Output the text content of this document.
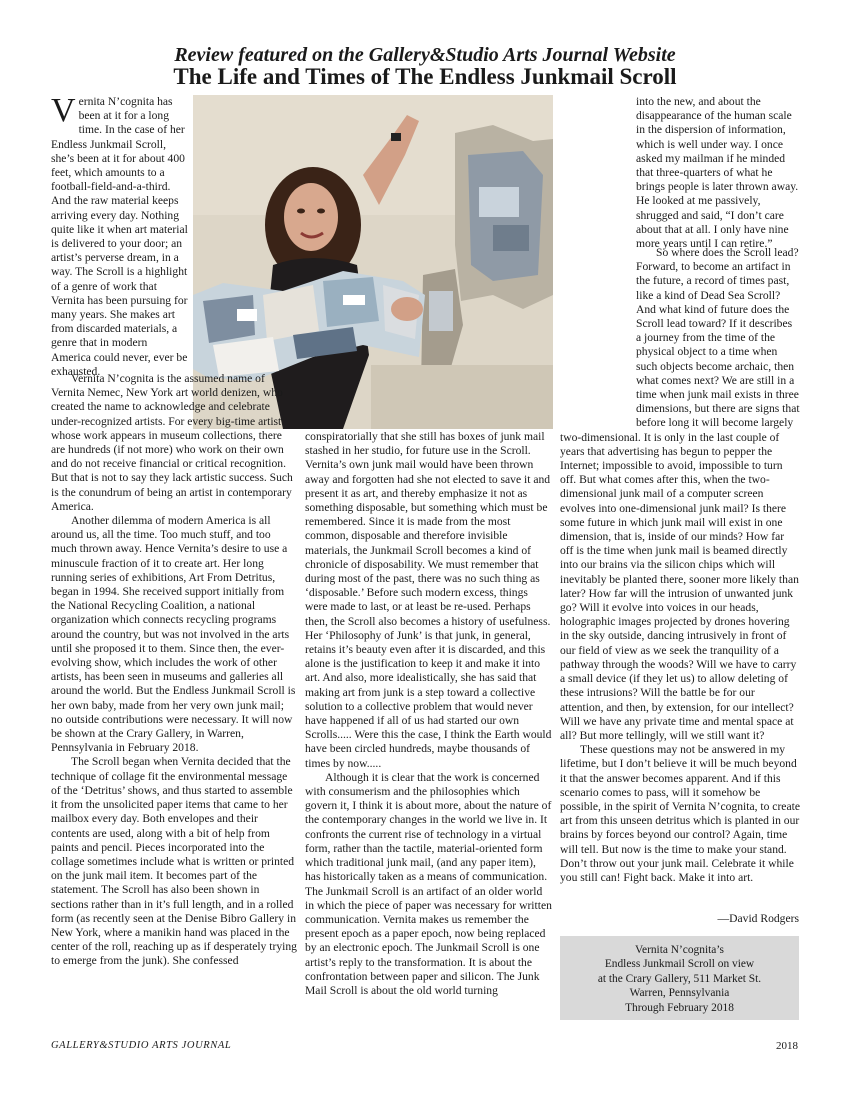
Review featured on the Gallery&Studio Arts Journal Website
The Life and Times of The Endless Junkmail Scroll

Vernita N’cognita has been at it for a long time. In the case of her Endless Junkmail Scroll, she’s been at it for about 400 feet, which amounts to a football-field-and-a-third. And the raw material keeps arriving every day. Nothing quite like it when art material is delivered to your door; an artist’s perverse dream, in a way. The Scroll is a highlight of a genre of work that Vernita has been pursuing for many years. She makes art from discarded materials, a genre that in modern America could never, ever be exhausted.

Vernita N’cognita is the assumed name of Vernita Nemec, New York art world denizen, who created the name to acknowledge and celebrate under-recognized artists. For every big-time artist whose work appears in museum collections, there are hundreds (if not more) who work on their own and do not receive financial or critical recognition. But that is not to say they lack artistic success. Such is the conundrum of being an artist in contemporary America.

Another dilemma of modern America is all around us, all the time. Too much stuff, and too much thrown away. Hence Vernita’s desire to use a minuscule fraction of it to create art. Her long running series of exhibitions, Art From Detritus, began in 1994. She received support initially from the National Recycling Coalition, a national organization which connects recycling programs around the country, but was not involved in the arts until she proposed it to them. Since then, the ever-evolving show, which includes the work of other artists, has been seen in museums and galleries all around the world. But the Endless Junkmail Scroll is her own baby, made from her very own junk mail; no outside contributions were necessary. It will now be shown at the Crary Gallery, in Warren, Pennsylvania in February 2018.

The Scroll began when Vernita decided that the technique of collage fit the environmental message of the ‘Detritus’ shows, and thus started to assemble it from the unsolicited paper items that came to her mailbox every day. Both envelopes and their contents are used, along with a bit of help from paints and pencil. Pieces incorporated into the collage sometimes include what is written or printed on the junk mail item. It becomes part of the statement. The Scroll has also been shown in sections rather than in it’s full length, and in a rolled form (as recently seen at the Denise Bibro Gallery in New York, where a manikin hand was placed in the center of the roll, reaching up as if desperately trying to emerge from the junk). She confessed

conspiratorially that she still has boxes of junk mail stashed in her studio, for future use in the Scroll. Vernita’s own junk mail would have been thrown away and forgotten had she not elected to save it and present it as art, and thereby emphasize it not as something disposable, but something which must be remembered. Since it is made from the most common, disposable and therefore invisible materials, the Junkmail Scroll becomes a kind of chronicle of disposability. We must remember that during most of the past, there was no such thing as ‘disposable.’ Before such modern excess, things were made to last, or at least be re-used. Perhaps then, the Scroll also becomes a history of usefulness. Her ‘Philosophy of Junk’ is that junk, in general, retains it’s beauty even after it is discarded, and this alone is the justification to keep it and make it into art. And also, more idealistically, she has said that making art from junk is a step toward a collective solution to a collective problem that would never have happened if all of us had started our own Scrolls..... Were this the case, I think the Earth would have been circled hundreds, maybe thousands of times by now.....

Although it is clear that the work is concerned with consumerism and the philosophies which govern it, I think it is about more, about the nature of the contemporary changes in the world we live in. It confronts the current rise of technology in a virtual form, rather than the tactile, material-oriented form which traditional junk mail, (and any paper item), has historically taken as a means of communication. The Junkmail Scroll is an artifact of an older world in which the piece of paper was necessary for written communication. Vernita makes us remember the present epoch as a paper epoch, now being replaced by an electronic epoch. The Junkmail Scroll is one artist’s reply to the transformation. It is about the confrontation between paper and silicon. The Junk Mail Scroll is about the old world turning

into the new, and about the disappearance of the human scale in the dispersion of information, which is well under way. I once asked my mailman if he minded that three-quarters of what he brings people is later thrown away. He looked at me passively, shrugged and said, “I don’t care about that at all. I only have nine more years until I can retire.”

So where does the Scroll lead? Forward, to become an artifact in the future, a record of times past, like a kind of Dead Sea Scroll? And what kind of future does the Scroll lead toward? If it describes a journey from the time of the physical object to a time when such objects become archaic, then what comes next? We are still in a time when junk mail exists in three dimensions, but there are signs that before long it will become largely two-dimensional. It is only in the last couple of years that advertising has begun to pepper the Internet; impossible to avoid, impossible to turn off. But what comes after this, when the two-dimensional junk mail of a computer screen evolves into one-dimensional junk mail? Is there some future in which junk mail will exist in one dimension, that is, inside of our minds? How far off is the time when junk mail is beamed directly into our brains via the silicon chips which will inevitably be planted there, sooner more likely than later? How far will the intrusion of unwanted junk go? Will it evolve into voices in our heads, holographic images projected by drones hovering in the sky outside, dancing intrusively in front of our field of view as we seek the tranquility of a pathway through the woods? Will we have to carry a small device (if they let us) to allow deleting of these intrusions? Will the battle be for our attention, and then, by extension, for our intellect? Will we have any private time and mental space at all? But more tellingly, will we still want it?

These questions may not be answered in my lifetime, but I don’t believe it will be much beyond it that the answer becomes apparent. And if this scenario comes to pass, will it somehow be possible, in the spirit of Vernita N’cognita, to create art from this unseen detritus which is planted in our brains by forces beyond our control? Again, time will tell. But now is the time to make your stand. Don’t throw out your junk mail. Celebrate it while you still can! Fight back. Make it into art.

—David Rodgers
Vernita N’cognita’s
Endless Junkmail Scroll on view
at the Crary Gallery, 511 Market St.
Warren, Pennsylvania
Through February 2018
GALLERY&STUDIO ARTS JOURNAL	2018
